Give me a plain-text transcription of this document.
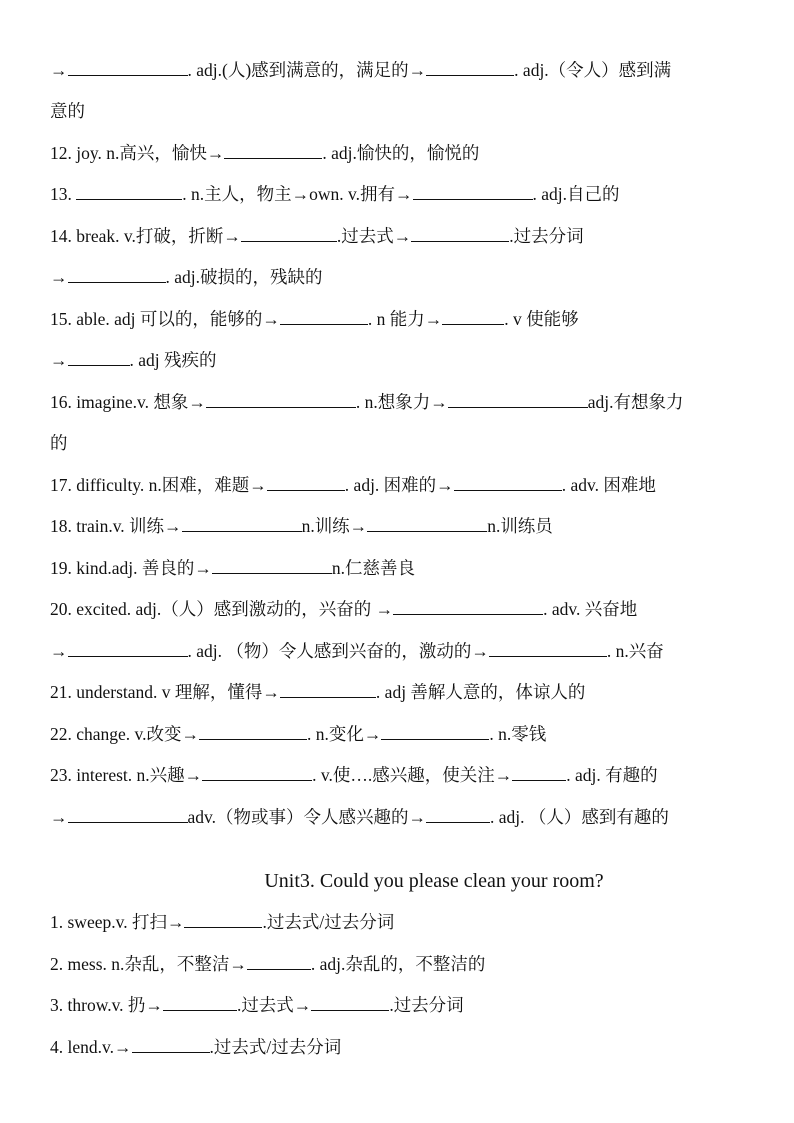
→	. adj.(人)感到满意的，满足的→	. adj.（令人）感到满
意的
12. joy. n.高兴，愉快→	. adj.愉快的，愉悦的
13.	. n.主人，物主→own. v.拥有→	. adj.自己的
14. break. v.打破，折断→	.过去式→	.过去分词
→	. adj.破损的，残缺的
15. able. adj 可以的，能够的→	. n 能力→	. v 使能够
→	. adj 残疾的
16. imagine.v. 想象→	. n.想象力→	adj.有想象力
的
17. difficulty. n.困难，难题→	. adj. 困难的→	. adv. 困难地
18. train.v. 训练→	n.训练→	n.训练员
19. kind.adj. 善良的→	n.仁慈善良
20. excited. adj.（人）感到激动的，兴奋的 →	. adv. 兴奋地
→	. adj. （物）令人感到兴奋的，激动的→	. n.兴奋
21. understand. v 理解，懂得→	. adj 善解人意的，体谅人的
22. change. v.改变→	. n.变化→	. n.零钱
23. interest. n.兴趣→	. v.使….感兴趣，使关注→	. adj. 有趣的
→	adv.（物或事）令人感兴趣的→	. adj. （人）感到有趣的
Unit3. Could you please clean your room?
1. sweep.v. 打扫→	.过去式/过去分词
2. mess. n.杂乱，不整洁→	. adj.杂乱的，不整洁的
3. throw.v. 扔→	.过去式→	.过去分词
4. lend.v.→	.过去式/过去分词
